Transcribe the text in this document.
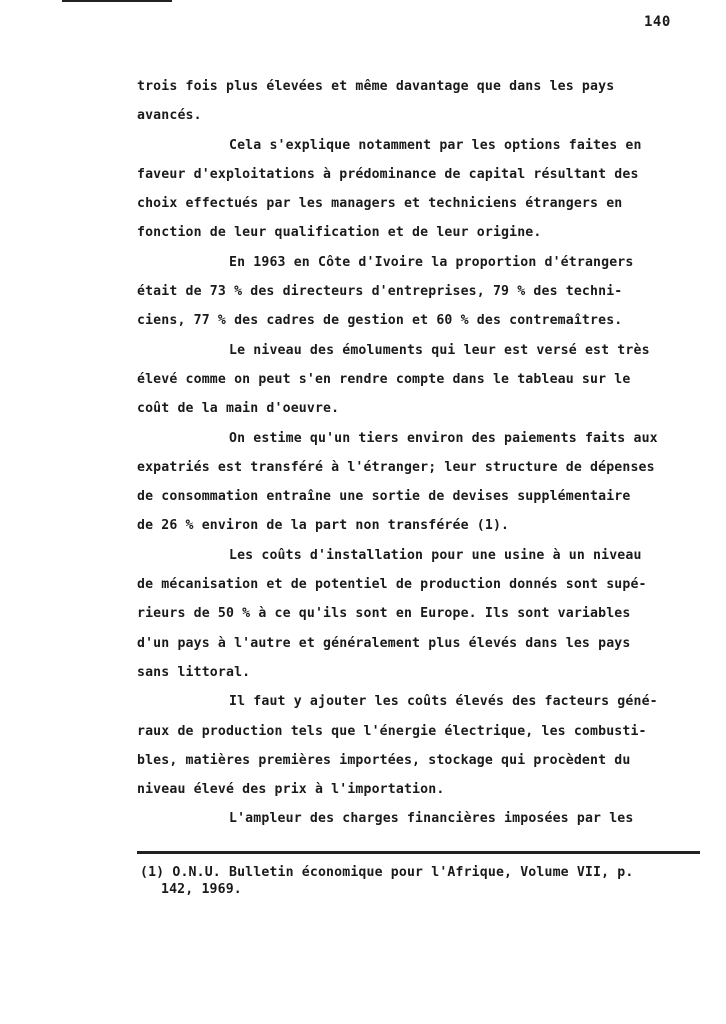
140
trois fois plus élevées et même davantage que dans les pays
avancés.
Cela s'explique notamment par les options faites en
faveur d'exploitations à prédominance de capital résultant des
choix effectués par les managers et techniciens étrangers en
fonction de leur qualification et de leur origine.
En 1963 en Côte d'Ivoire la proportion d'étrangers
était de 73 % des directeurs d'entreprises, 79 % des techni-
ciens, 77 % des cadres de gestion et 60 % des contremaîtres.
Le niveau des émoluments qui leur est versé est très
élevé comme on peut s'en rendre compte dans le tableau sur le
coût de la main d'oeuvre.
On estime qu'un tiers environ des paiements faits aux
expatriés est transféré à l'étranger; leur structure de dépenses
de consommation entraîne une sortie de devises supplémentaire
de 26 % environ de la part non transférée (1).
Les coûts d'installation pour une usine à un niveau
de mécanisation et de potentiel de production donnés sont supé-
rieurs de 50 % à ce qu'ils sont en Europe. Ils sont variables
d'un pays à l'autre et généralement plus élevés dans les pays
sans littoral.
Il faut y ajouter les coûts élevés des facteurs géné-
raux de production tels que l'énergie électrique, les combusti-
bles, matières premières importées, stockage qui procèdent du
niveau élevé des prix à l'importation.
L'ampleur des charges financières imposées par les
(1) O.N.U. Bulletin économique pour l'Afrique, Volume VII, p.
142, 1969.
